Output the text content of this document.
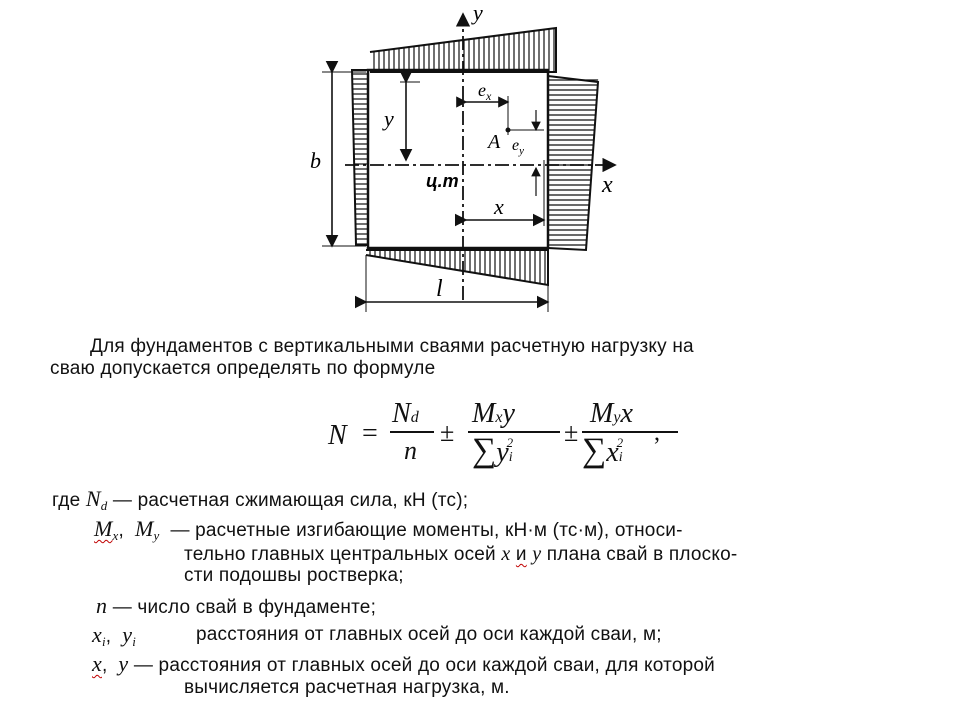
y
x
b
l
y
x
$e_x$
$e_y$
A
ц.т
Для фундаментов с вертикальными сваями расчетную нагрузку на
сваю допускается определять по формуле
N =
Nd
n
±
Mxy
$\sum yi^2$ ±
Myx
$\sum xi^2$ ,
где $N_d$ — расчетная сжимающая сила, кН (тс);
$M_x$, $M_y$ — расчетные изгибающие моменты, кН·м (тс·м), относи-
тельно главных центральных осей x и y плана свай в плоско-
сти подошвы ростверка;
n — число свай в фундаменте;
$x_i$, $y_i$	расстояния от главных осей до оси каждой сваи, м;
x, y — расстояния от главных осей до оси каждой сваи, для которой
вычисляется расчетная нагрузка, м.
